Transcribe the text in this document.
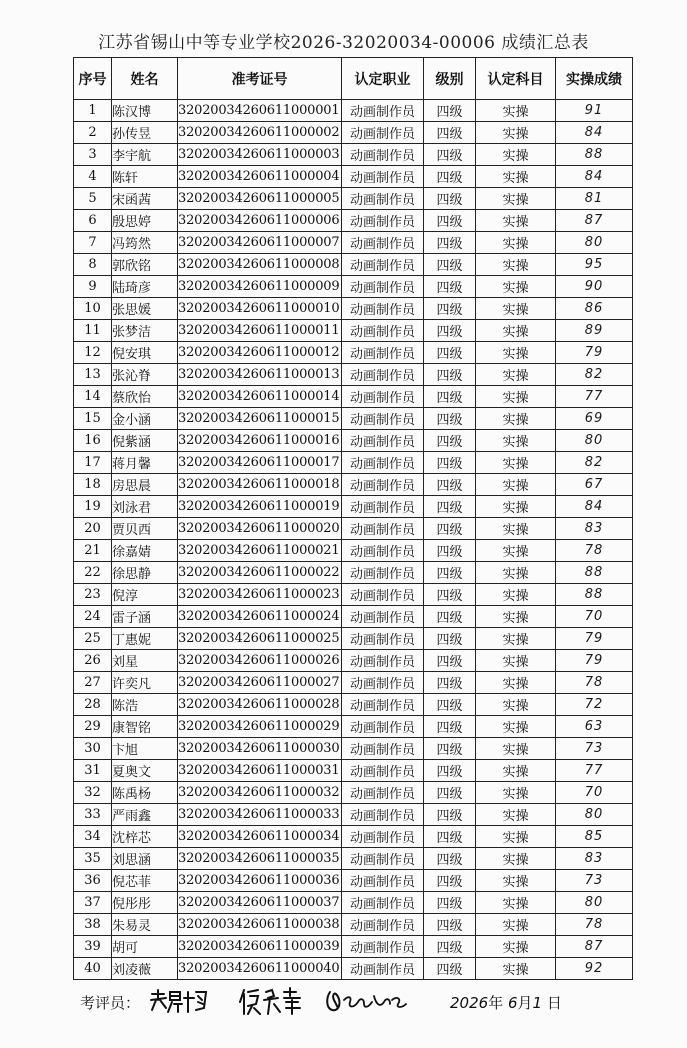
江苏省锡山中等专业学校2026-32020034-00006 成绩汇总表
序号	姓名	准考证号	认定职业	级别	认定科目	实操成绩
1	陈汉博	32020034260611000001	动画制作员	四级	实操	91
2	孙传昱	32020034260611000002	动画制作员	四级	实操	84
3	李宇航	32020034260611000003	动画制作员	四级	实操	88
4	陈轩	32020034260611000004	动画制作员	四级	实操	84
5	宋函茜	32020034260611000005	动画制作员	四级	实操	81
6	殷思婷	32020034260611000006	动画制作员	四级	实操	87
7	冯筠然	32020034260611000007	动画制作员	四级	实操	80
8	郭欣铭	32020034260611000008	动画制作员	四级	实操	95
9	陆琦彦	32020034260611000009	动画制作员	四级	实操	90
10	张思媛	32020034260611000010	动画制作员	四级	实操	86
11	张梦洁	32020034260611000011	动画制作员	四级	实操	89
12	倪安琪	32020034260611000012	动画制作员	四级	实操	79
13	张沁脊	32020034260611000013	动画制作员	四级	实操	82
14	蔡欣怡	32020034260611000014	动画制作员	四级	实操	77
15	金小涵	32020034260611000015	动画制作员	四级	实操	69
16	倪紫涵	32020034260611000016	动画制作员	四级	实操	80
17	蒋月馨	32020034260611000017	动画制作员	四级	实操	82
18	房思晨	32020034260611000018	动画制作员	四级	实操	67
19	刘泳君	32020034260611000019	动画制作员	四级	实操	84
20	贾贝西	32020034260611000020	动画制作员	四级	实操	83
21	徐嘉婧	32020034260611000021	动画制作员	四级	实操	78
22	徐思静	32020034260611000022	动画制作员	四级	实操	88
23	倪淳	32020034260611000023	动画制作员	四级	实操	88
24	雷子涵	32020034260611000024	动画制作员	四级	实操	70
25	丁惠妮	32020034260611000025	动画制作员	四级	实操	79
26	刘星	32020034260611000026	动画制作员	四级	实操	79
27	许奕凡	32020034260611000027	动画制作员	四级	实操	78
28	陈浩	32020034260611000028	动画制作员	四级	实操	72
29	康智铭	32020034260611000029	动画制作员	四级	实操	63
30	卞旭	32020034260611000030	动画制作员	四级	实操	73
31	夏奥文	32020034260611000031	动画制作员	四级	实操	77
32	陈禹杨	32020034260611000032	动画制作员	四级	实操	70
33	严雨鑫	32020034260611000033	动画制作员	四级	实操	80
34	沈梓芯	32020034260611000034	动画制作员	四级	实操	85
35	刘思涵	32020034260611000035	动画制作员	四级	实操	83
36	倪芯菲	32020034260611000036	动画制作员	四级	实操	73
37	倪彤彤	32020034260611000037	动画制作员	四级	实操	80
38	朱易灵	32020034260611000038	动画制作员	四级	实操	78
39	胡可	32020034260611000039	动画制作员	四级	实操	87
40	刘凌薇	32020034260611000040	动画制作员	四级	实操	92
考评员：	2026年 6月1 日
